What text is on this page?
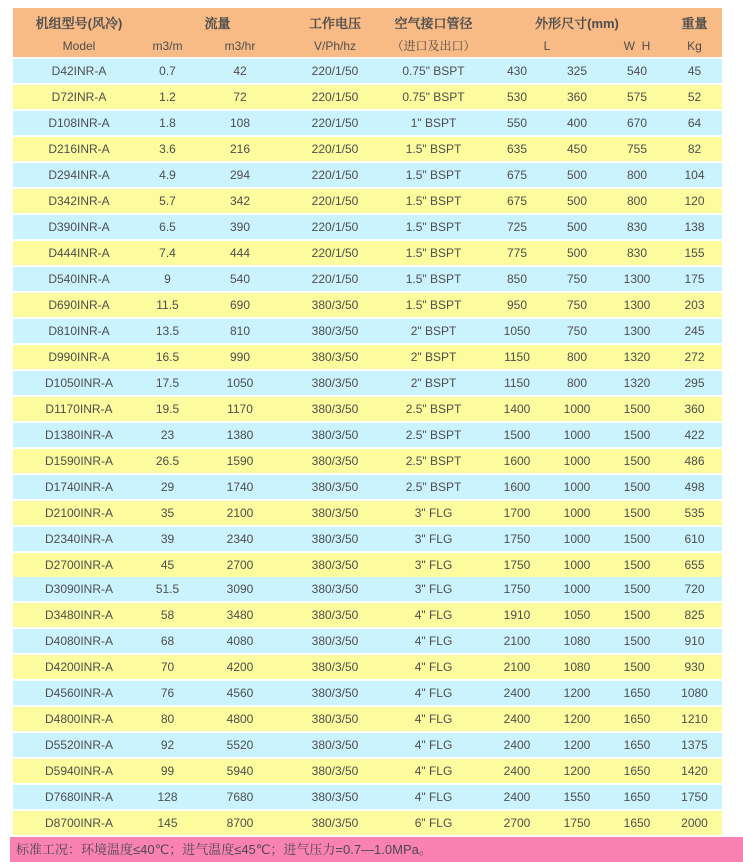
机组型号(风冷)	流量	工作电压	空气接口管径	外形尺寸(mm)	重量
Model	m3/m	m3/hr	V/Ph/hz	（进口及出口）	L	W  H	Kg
D42INR-A	0.7	42	220/1/50	0.75" BSPT	430	325	540	45
D72INR-A	1.2	72	220/1/50	0.75" BSPT	530	360	575	52
D108INR-A	1.8	108	220/1/50	1" BSPT	550	400	670	64
D216INR-A	3.6	216	220/1/50	1.5" BSPT	635	450	755	82
D294INR-A	4.9	294	220/1/50	1.5" BSPT	675	500	800	104
D342INR-A	5.7	342	220/1/50	1.5" BSPT	675	500	800	120
D390INR-A	6.5	390	220/1/50	1.5" BSPT	725	500	830	138
D444INR-A	7.4	444	220/1/50	1.5" BSPT	775	500	830	155
D540INR-A	9	540	220/1/50	1.5" BSPT	850	750	1300	175
D690INR-A	11.5	690	380/3/50	1.5" BSPT	950	750	1300	203
D810INR-A	13.5	810	380/3/50	2" BSPT	1050	750	1300	245
D990INR-A	16.5	990	380/3/50	2" BSPT	1150	800	1320	272
D1050INR-A	17.5	1050	380/3/50	2" BSPT	1150	800	1320	295
D1170INR-A	19.5	1170	380/3/50	2.5" BSPT	1400	1000	1500	360
D1380INR-A	23	1380	380/3/50	2.5" BSPT	1500	1000	1500	422
D1590INR-A	26.5	1590	380/3/50	2.5" BSPT	1600	1000	1500	486
D1740INR-A	29	1740	380/3/50	2.5" BSPT	1600	1000	1500	498
D2100INR-A	35	2100	380/3/50	3" FLG	1700	1000	1500	535
D2340INR-A	39	2340	380/3/50	3" FLG	1750	1000	1500	610
D2700INR-A	45	2700	380/3/50	3" FLG	1750	1000	1500	655
D3090INR-A	51.5	3090	380/3/50	3" FLG	1750	1000	1500	720
D3480INR-A	58	3480	380/3/50	4" FLG	1910	1050	1500	825
D4080INR-A	68	4080	380/3/50	4" FLG	2100	1080	1500	910
D4200INR-A	70	4200	380/3/50	4" FLG	2100	1080	1500	930
D4560INR-A	76	4560	380/3/50	4" FLG	2400	1200	1650	1080
D4800INR-A	80	4800	380/3/50	4" FLG	2400	1200	1650	1210
D5520INR-A	92	5520	380/3/50	4" FLG	2400	1200	1650	1375
D5940INR-A	99	5940	380/3/50	4" FLG	2400	1200	1650	1420
D7680INR-A	128	7680	380/3/50	4" FLG	2400	1550	1650	1750
D8700INR-A	145	8700	380/3/50	6" FLG	2700	1750	1650	2000
标准工况：环境温度≤40℃；进气温度≤45℃；进气压力=0.7—1.0MPa。
